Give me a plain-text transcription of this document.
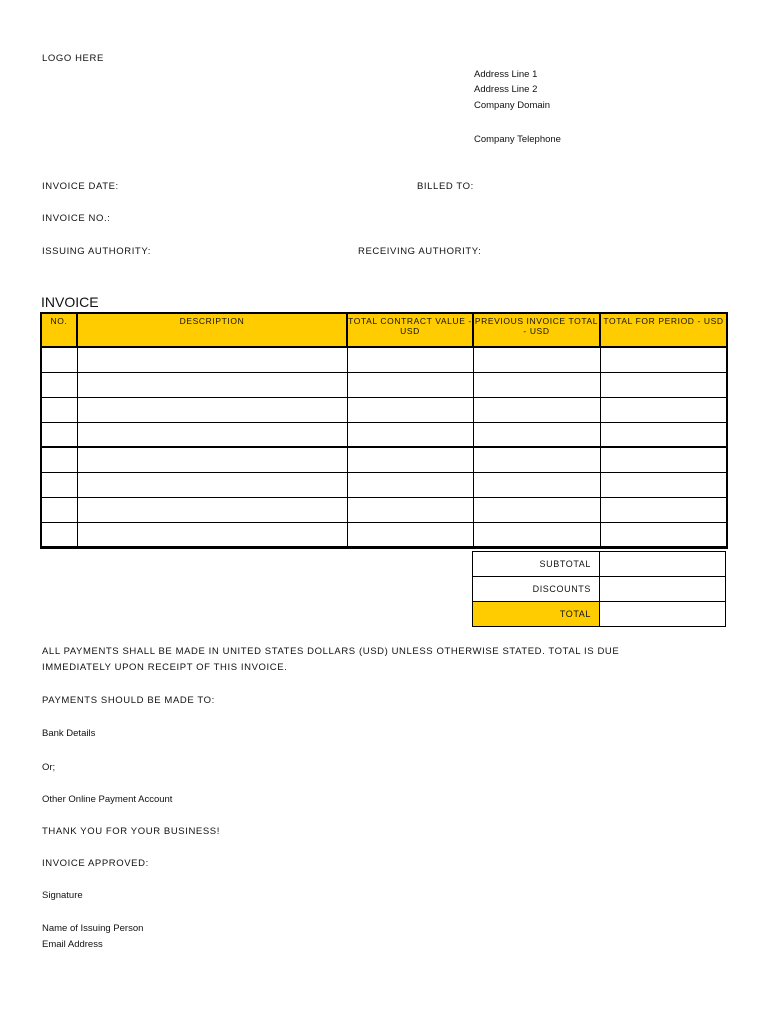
LOGO HERE
Address Line 1
Address Line 2
Company Domain
Company Telephone
INVOICE DATE:	BILLED TO:
INVOICE NO.:
ISSUING AUTHORITY:	RECEIVING AUTHORITY:
INVOICE
NO.	DESCRIPTION	TOTAL CONTRACT VALUE - USD	PREVIOUS INVOICE TOTAL - USD	TOTAL FOR PERIOD - USD

SUBTOTAL	
DISCOUNTS	
TOTAL	
ALL PAYMENTS SHALL BE MADE IN UNITED STATES DOLLARS (USD) UNLESS OTHERWISE STATED. TOTAL IS DUE
IMMEDIATELY UPON RECEIPT OF THIS INVOICE.
PAYMENTS SHOULD BE MADE TO:
Bank Details
Or;
Other Online Payment Account
THANK YOU FOR YOUR BUSINESS!
INVOICE APPROVED:
Signature
Name of Issuing Person
Email Address
